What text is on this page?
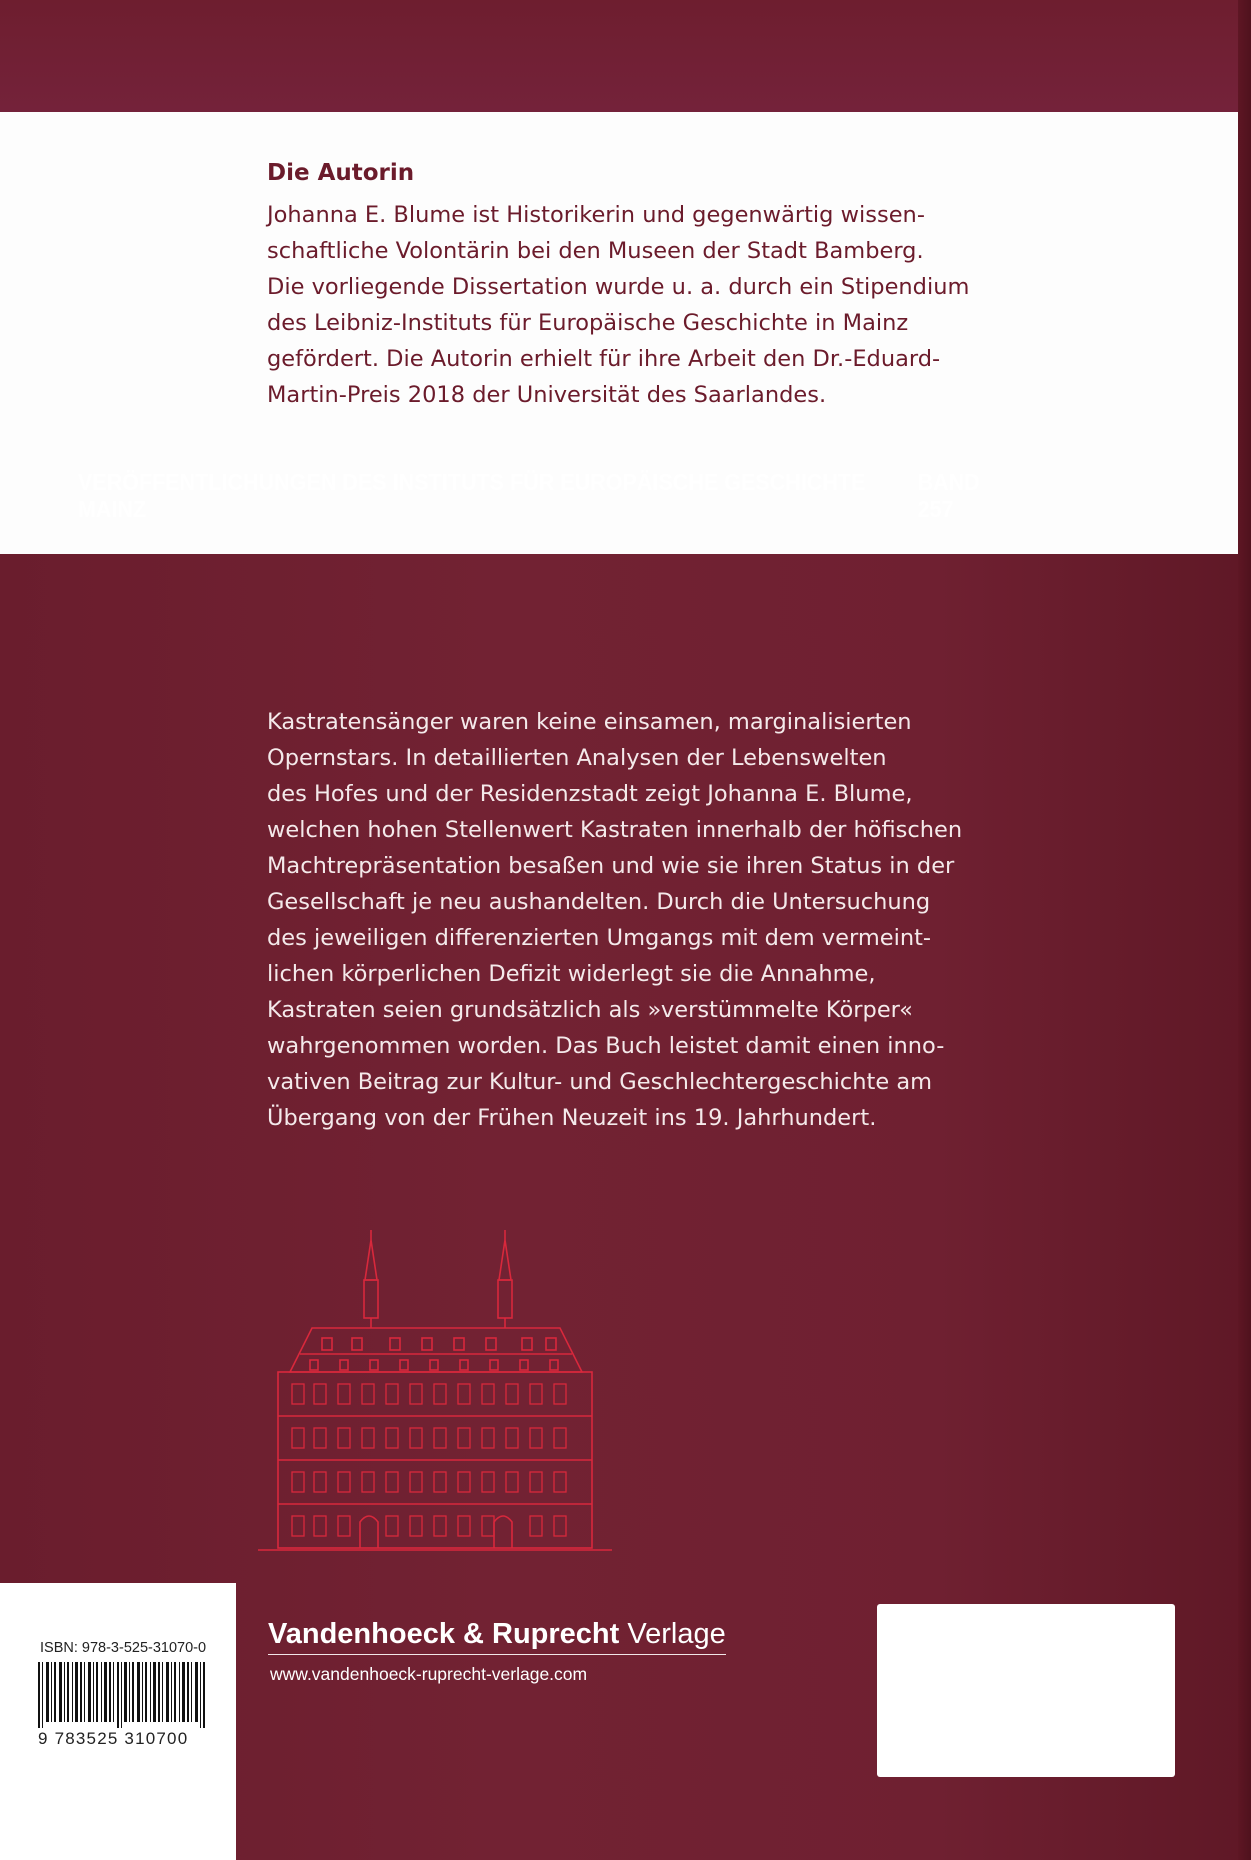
Die Autorin

Johanna E. Blume ist Historikerin und gegenwärtig wissen-
schaftliche Volontärin bei den Museen der Stadt Bamberg.
Die vorliegende Dissertation wurde u. a. durch ein Stipendium
des Leibniz-Instituts für Europäische Geschichte in Mainz
gefördert. Die Autorin erhielt für ihre Arbeit den Dr.-Eduard-
Martin-Preis 2018 der Universität des Saarlandes.

VERÖFFENTLICHUNGEN DES INSTITUTS FÜR EUROPÄISCHE GESCHICHTE MAINZ
BAND 257

Kastratensänger waren keine einsamen, marginalisierten
Opernstars. In detaillierten Analysen der Lebenswelten
des Hofes und der Residenzstadt zeigt Johanna E. Blume,
welchen hohen Stellenwert Kastraten innerhalb der höfischen
Machtrepräsentation besaßen und wie sie ihren Status in der
Gesellschaft je neu aushandelten. Durch die Untersuchung
des jeweiligen differenzierten Umgangs mit dem vermeint-
lichen körperlichen Defizit widerlegt sie die Annahme,
Kastraten seien grundsätzlich als »verstümmelte Körper«
wahrgenommen worden. Das Buch leistet damit einen inno-
vativen Beitrag zur Kultur- und Geschlechtergeschichte am
Übergang von der Frühen Neuzeit ins 19. Jahrhundert.

ISBN: 978-3-525-31070-0
9 783525 310700
Vandenhoeck & Ruprecht Verlage
www.vandenhoeck-ruprecht-verlage.com
